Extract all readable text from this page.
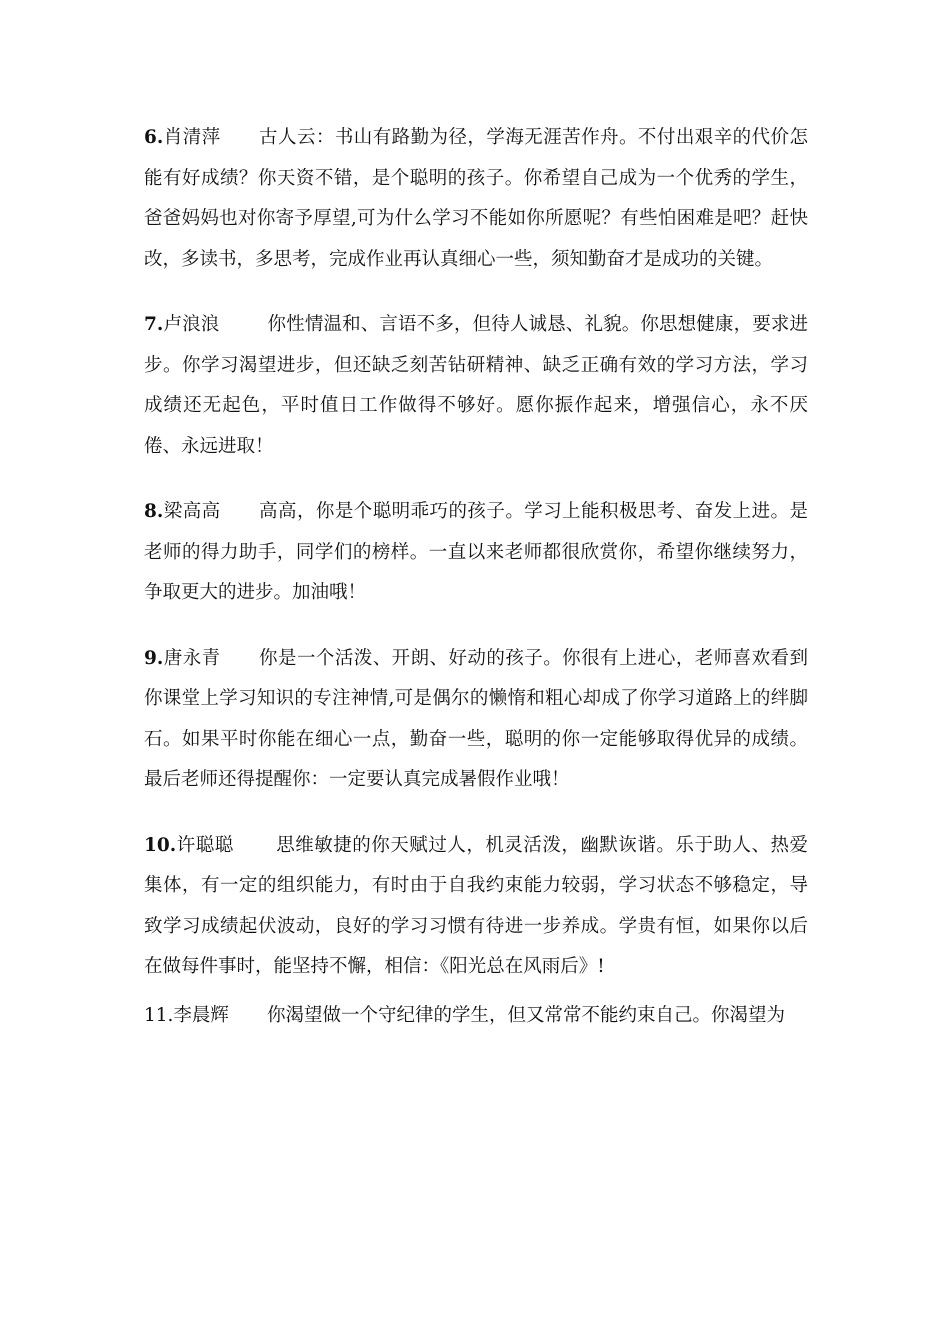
6.肖清萍 古人云：书山有路勤为径，学海无涯苦作舟。不付出艰辛的代价怎能有好成绩？你天资不错，是个聪明的孩子。你希望自己成为一个优秀的学生，爸爸妈妈也对你寄予厚望,可为什么学习不能如你所愿呢？有些怕困难是吧？赶快改，多读书，多思考，完成作业再认真细心一些，须知勤奋才是成功的关键。

7.卢浪浪	你性情温和、言语不多，但待人诚恳、礼貌。你思想健康，要求进步。你学习渴望进步，但还缺乏刻苦钻研精神、缺乏正确有效的学习方法，学习成绩还无起色，平时值日工作做得不够好。愿你振作起来，增强信心，永不厌倦、永远进取！

8.梁高高 高高，你是个聪明乖巧的孩子。学习上能积极思考、奋发上进。是老师的得力助手，同学们的榜样。一直以来老师都很欣赏你，希望你继续努力，争取更大的进步。加油哦！

9.唐永青 你是一个活泼、开朗、好动的孩子。你很有上进心，老师喜欢看到你课堂上学习知识的专注神情,可是偶尔的懒惰和粗心却成了你学习道路上的绊脚石。如果平时你能在细心一点，勤奋一些，聪明的你一定能够取得优异的成绩。最后老师还得提醒你：一定要认真完成暑假作业哦！

10.许聪聪 思维敏捷的你天赋过人，机灵活泼，幽默诙谐。乐于助人、热爱集体，有一定的组织能力，有时由于自我约束能力较弱，学习状态不够稳定，导致学习成绩起伏波动，良好的学习习惯有待进一步养成。学贵有恒，如果你以后在做每件事时，能坚持不懈，相信：《阳光总在风雨后》!

11.李晨辉 你渴望做一个守纪律的学生，但又常常不能约束自己。你渴望为
